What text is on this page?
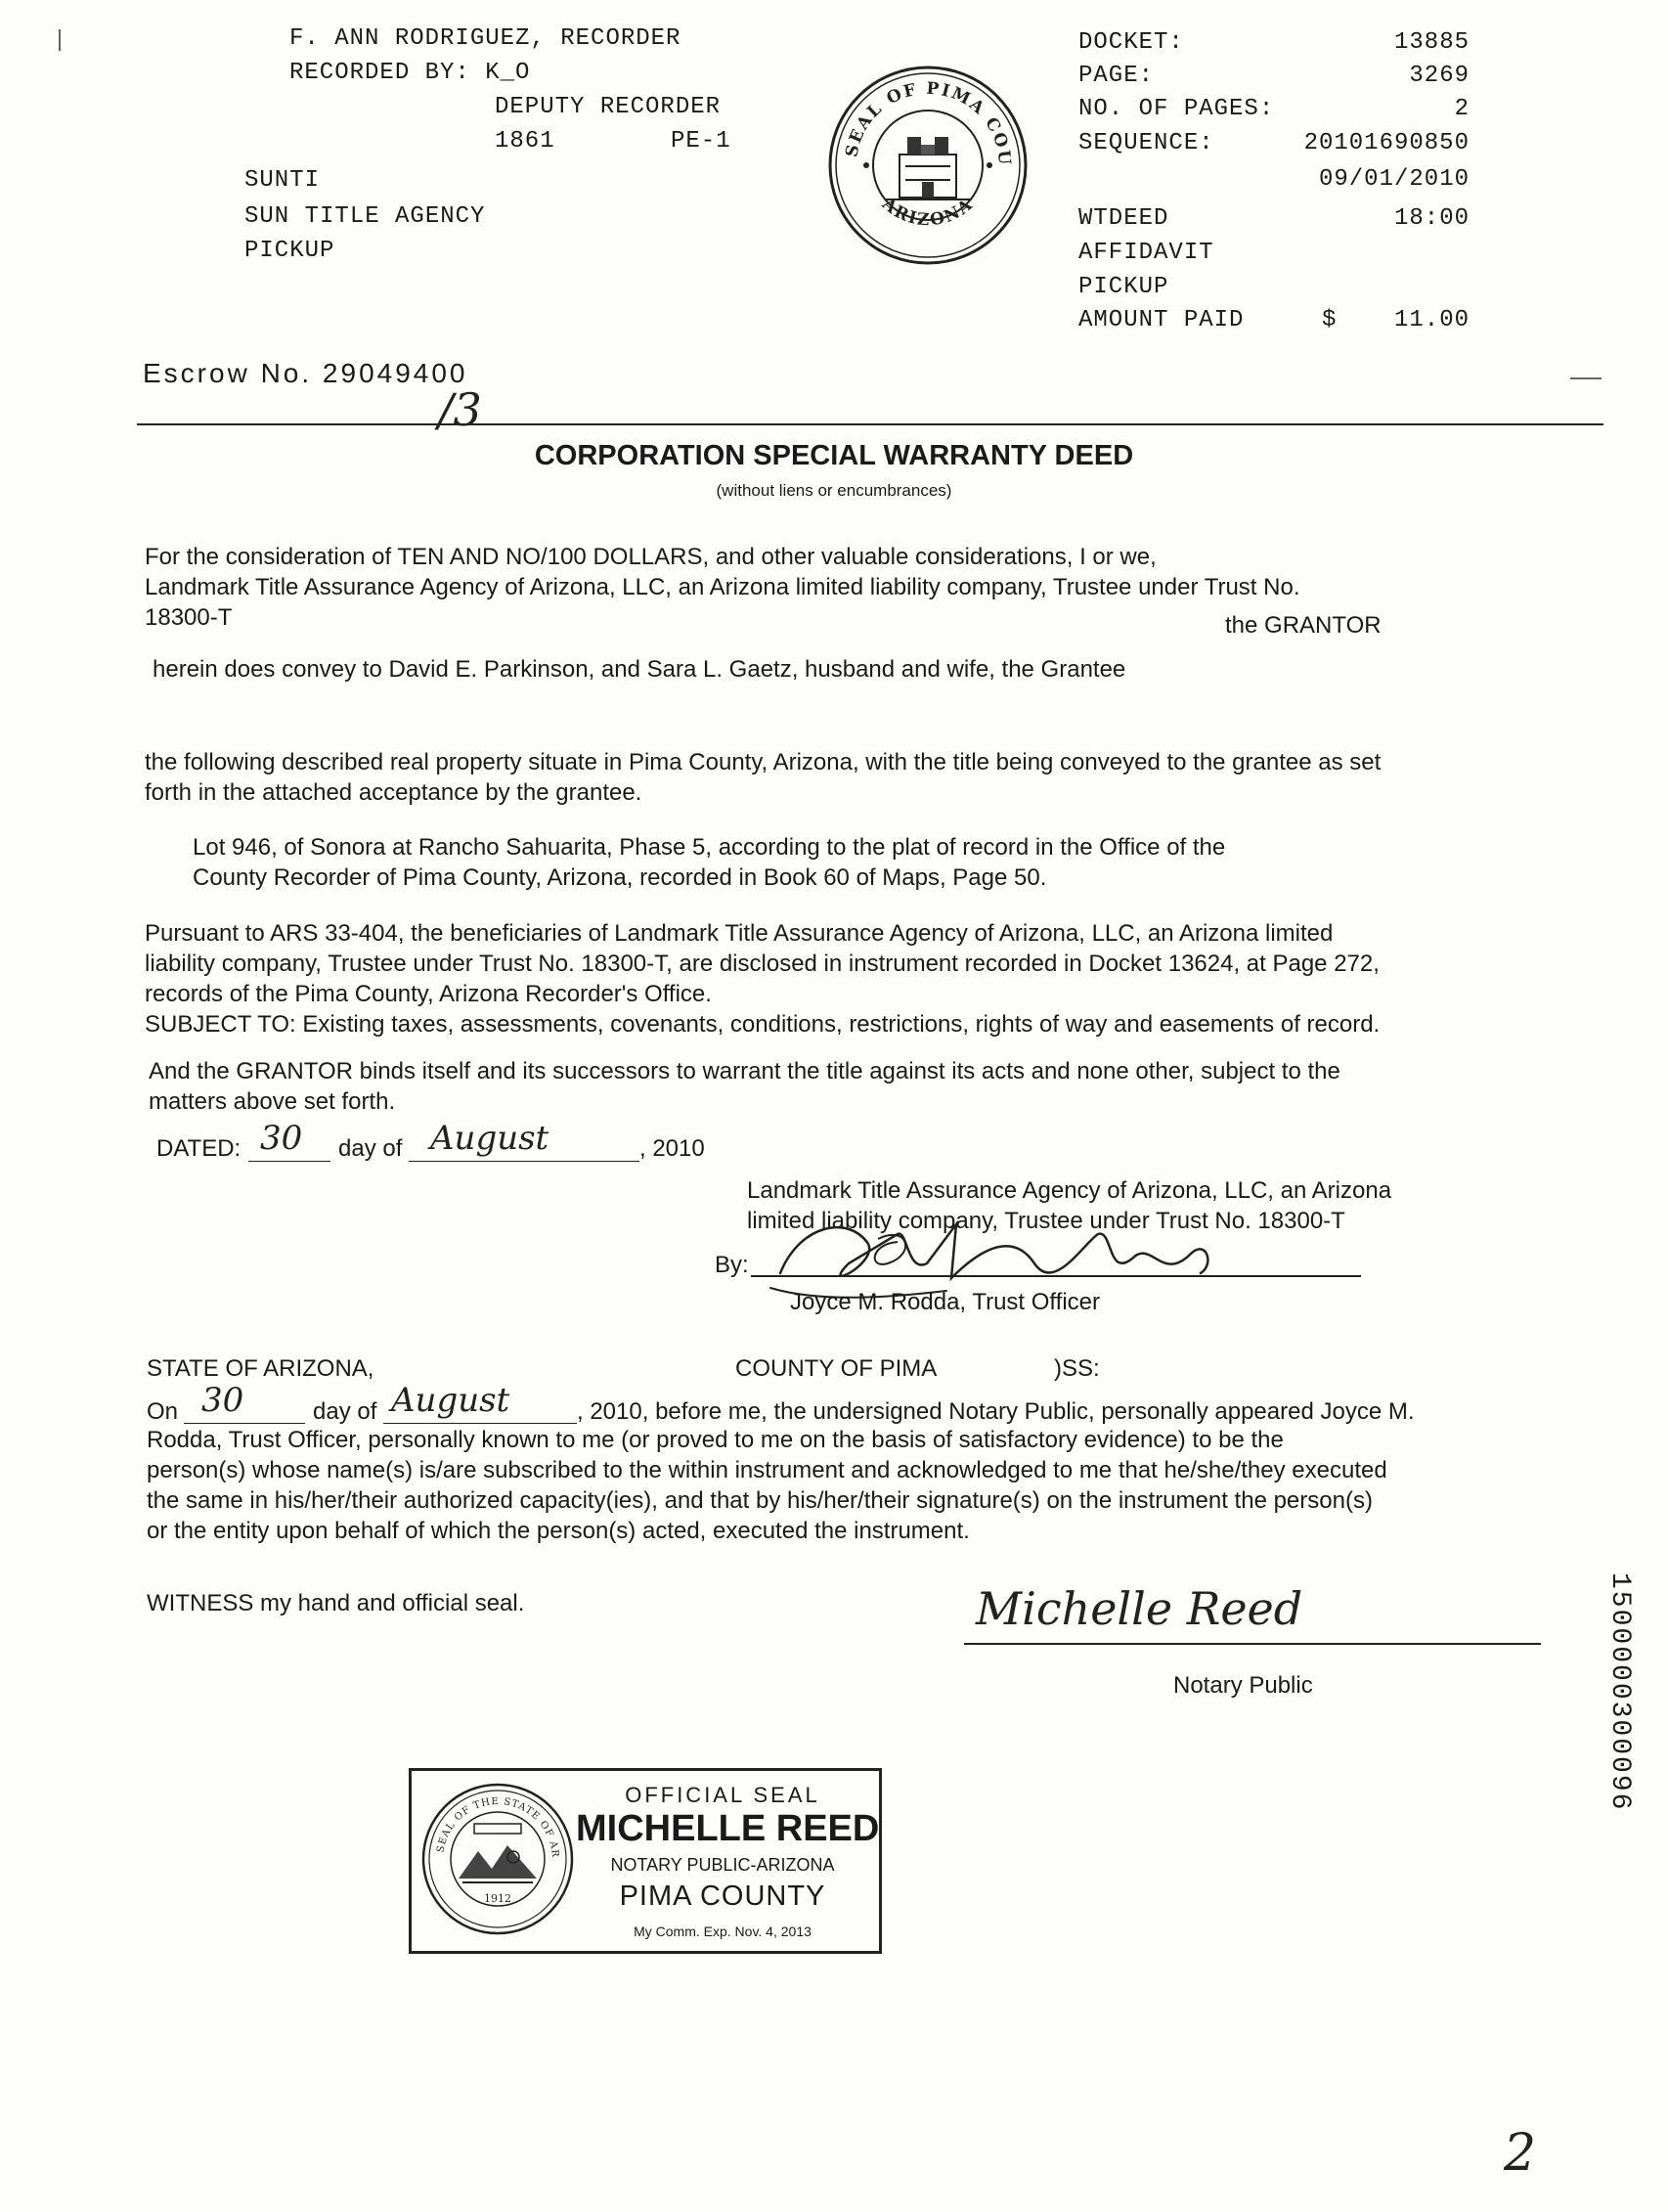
F. ANN RODRIGUEZ, RECORDER
RECORDED BY: K_O
DEPUTY RECORDER
1861	PE-1
SUNTI
SUN TITLE AGENCY
PICKUP
SEAL OF PIMA COU
ARIZONA
DOCKET:	13885
PAGE:	3269
NO. OF PAGES:	2
SEQUENCE:	20101690850
09/01/2010
WTDEED	18:00
AFFIDAVIT
PICKUP
AMOUNT PAID	$	11.00
Escrow No. 29049400
/3
CORPORATION SPECIAL WARRANTY DEED
(without liens or encumbrances)
For the consideration of TEN AND NO/100 DOLLARS, and other valuable considerations, I or we,
Landmark Title Assurance Agency of Arizona, LLC, an Arizona limited liability company, Trustee under Trust No.
18300-T	the GRANTOR
herein does convey to David E. Parkinson, and Sara L. Gaetz, husband and wife, the Grantee
the following described real property situate in Pima County, Arizona, with the title being conveyed to the grantee as set
forth in the attached acceptance by the grantee.
Lot 946, of Sonora at Rancho Sahuarita, Phase 5, according to the plat of record in the Office of the
County Recorder of Pima County, Arizona, recorded in Book 60 of Maps, Page 50.
Pursuant to ARS 33-404, the beneficiaries of Landmark Title Assurance Agency of Arizona, LLC, an Arizona limited
liability company, Trustee under Trust No. 18300-T, are disclosed in instrument recorded in Docket 13624, at Page 272,
records of the Pima County, Arizona Recorder's Office.
SUBJECT TO: Existing taxes, assessments, covenants, conditions, restrictions, rights of way and easements of record.
And the GRANTOR binds itself and its successors to warrant the title against its acts and none other, subject to the
matters above set forth.
DATED: 30 day of August	, 2010
Landmark Title Assurance Agency of Arizona, LLC, an Arizona
limited liability company, Trustee under Trust No. 18300-T
By:
Joyce M. Rodda, Trust Officer
STATE OF ARIZONA,	COUNTY OF PIMA	)SS:
On 30	day of August	, 2010, before me, the undersigned Notary Public, personally appeared Joyce M.
Rodda, Trust Officer, personally known to me (or proved to me on the basis of satisfactory evidence) to be the
person(s) whose name(s) is/are subscribed to the within instrument and acknowledged to me that he/she/they executed
the same in his/her/their authorized capacity(ies), and that by his/her/their signature(s) on the instrument the person(s)
or the entity upon behalf of which the person(s) acted, executed the instrument.
WITNESS my hand and official seal.	Michelle Reed
Notary Public
SEAL OF THE STATE OF AR
1912
OFFICIAL SEAL
MICHELLE REED
NOTARY PUBLIC-ARIZONA
PIMA COUNTY
My Comm. Exp. Nov. 4, 2013
1500000300096
2
